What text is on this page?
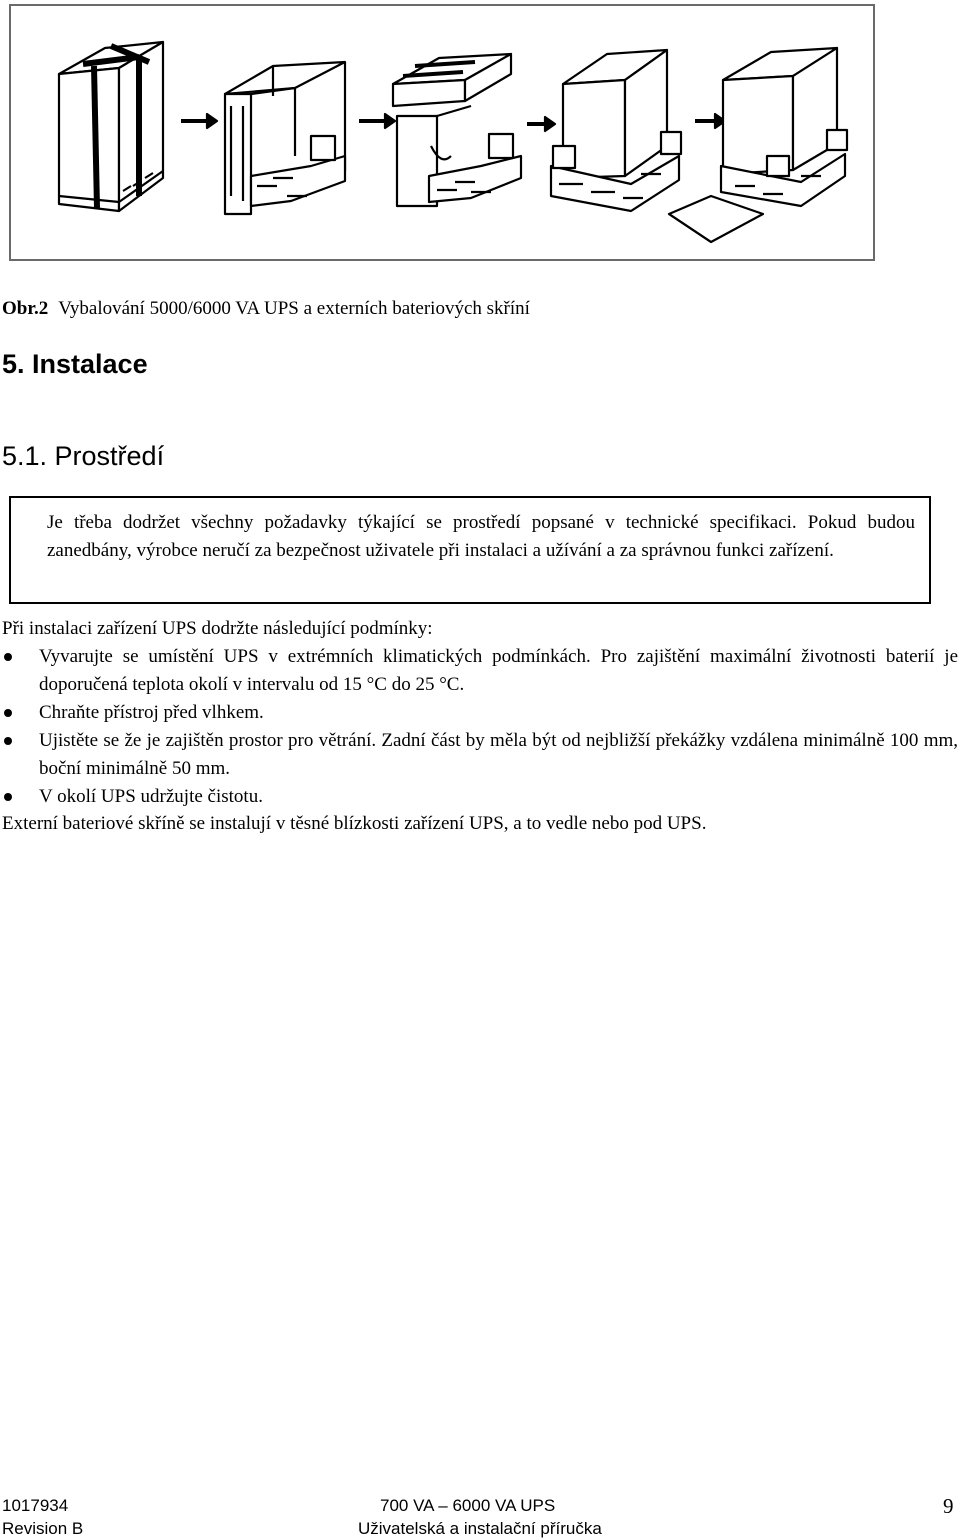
Obr.2 Vybalování 5000/6000 VA UPS a externích bateriových skříní
5. Instalace
5.1. Prostředí
Je třeba dodržet všechny požadavky týkající se prostředí popsané v technické specifikaci. Pokud budou zanedbány, výrobce neručí za bezpečnost uživatele při instalaci a užívání a za správnou funkci zařízení.
Při instalaci zařízení UPS dodržte následující podmínky:
Vyvarujte se umístění UPS v extrémních klimatických podmínkách. Pro zajištění maximální životnosti baterií je doporučená teplota okolí v intervalu od 15 °C do 25 °C.
Chraňte přístroj před vlhkem.
Ujistěte se že je zajištěn prostor pro větrání. Zadní část by měla být od nejbližší překážky vzdálena minimálně 100 mm, boční minimálně 50 mm.
V okolí UPS udržujte čistotu.
Externí bateriové skříně se instalují v těsné blízkosti zařízení UPS, a to vedle nebo pod UPS.
1017934
Revision B
700 VA – 6000 VA UPS
Uživatelská a instalační příručka
9
